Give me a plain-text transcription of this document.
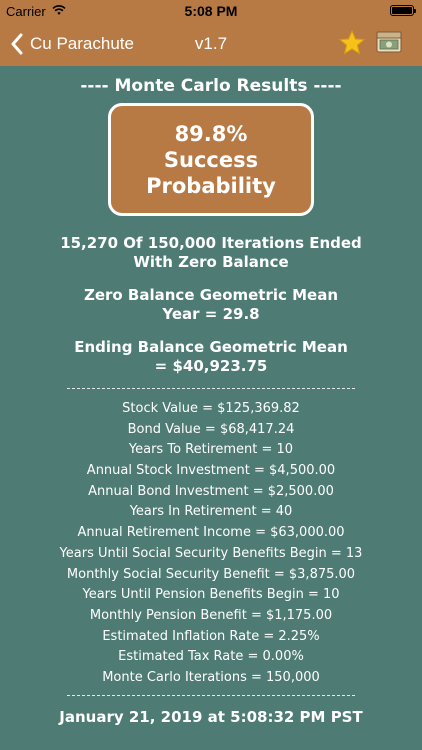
Carrier	5:08 PM
Cu Parachute	v1.7
---- Monte Carlo Results ----
89.8%
Success
Probability
15,270 Of 150,000 Iterations Ended
With Zero Balance
Zero Balance Geometric Mean
Year = 29.8
Ending Balance Geometric Mean
= $40,923.75
Stock Value = $125,369.82
Bond Value = $68,417.24
Years To Retirement = 10
Annual Stock Investment = $4,500.00
Annual Bond Investment = $2,500.00
Years In Retirement = 40
Annual Retirement Income = $63,000.00
Years Until Social Security Benefits Begin = 13
Monthly Social Security Benefit = $3,875.00
Years Until Pension Benefits Begin = 10
Monthly Pension Benefit = $1,175.00
Estimated Inflation Rate = 2.25%
Estimated Tax Rate = 0.00%
Monte Carlo Iterations = 150,000
January 21, 2019 at 5:08:32 PM PST
